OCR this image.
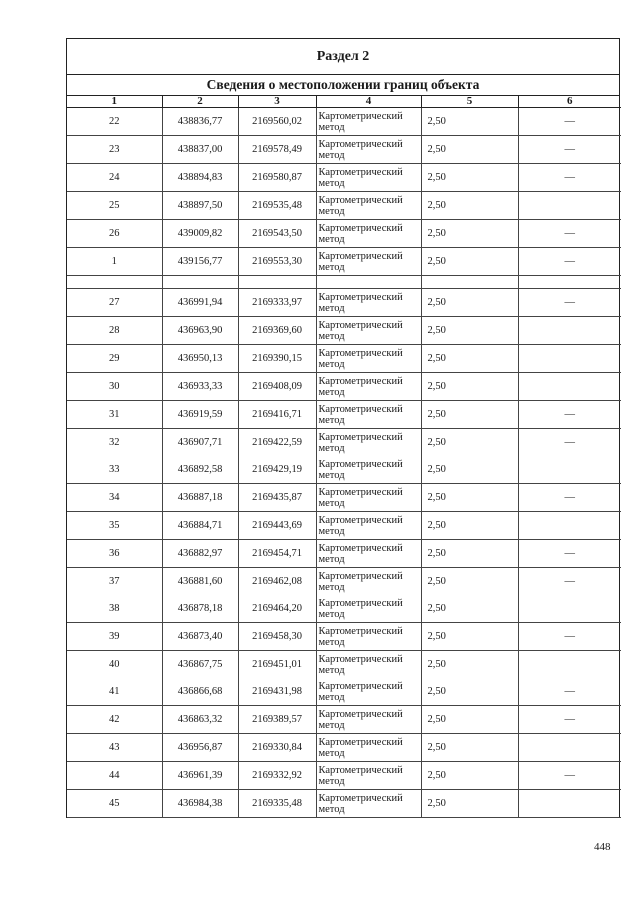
Раздел 2
Сведения о местоположении границ объекта
1	2	3	4	5	6
22	438836,77	2169560,02	Картометрический метод	2,50	—
23	438837,00	2169578,49	Картометрический метод	2,50	—
24	438894,83	2169580,87	Картометрический метод	2,50	—
25	438897,50	2169535,48	Картометрический метод	2,50	
26	439009,82	2169543,50	Картометрический метод	2,50	—
1	439156,77	2169553,30	Картометрический метод	2,50	—

27	436991,94	2169333,97	Картометрический метод	2,50	—
28	436963,90	2169369,60	Картометрический метод	2,50	
29	436950,13	2169390,15	Картометрический метод	2,50	
30	436933,33	2169408,09	Картометрический метод	2,50	
31	436919,59	2169416,71	Картометрический метод	2,50	—
32	436907,71	2169422,59	Картометрический метод	2,50	—
33	436892,58	2169429,19	Картометрический метод	2,50	
34	436887,18	2169435,87	Картометрический метод	2,50	—
35	436884,71	2169443,69	Картометрический метод	2,50	
36	436882,97	2169454,71	Картометрический метод	2,50	—
37	436881,60	2169462,08	Картометрический метод	2,50	—
38	436878,18	2169464,20	Картометрический метод	2,50	
39	436873,40	2169458,30	Картометрический метод	2,50	—
40	436867,75	2169451,01	Картометрический метод	2,50	
41	436866,68	2169431,98	Картометрический метод	2,50	—
42	436863,32	2169389,57	Картометрический метод	2,50	—
43	436956,87	2169330,84	Картометрический метод	2,50	
44	436961,39	2169332,92	Картометрический метод	2,50	—
45	436984,38	2169335,48	Картометрический метод	2,50	
448
